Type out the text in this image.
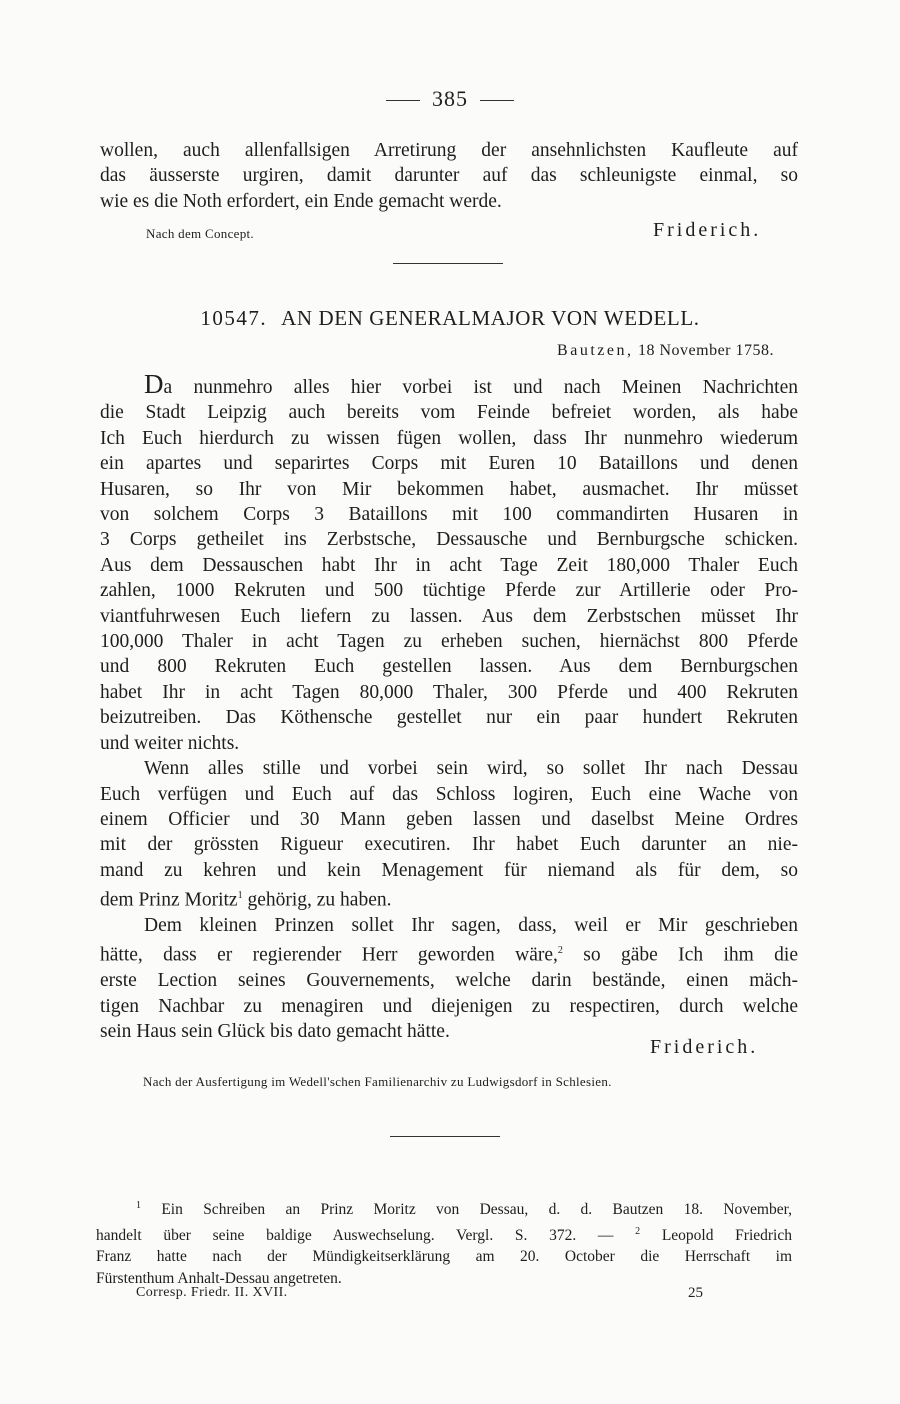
385
wollen, auch allenfallsigen Arretirung der ansehnlichsten Kaufleute auf
das äusserste urgiren, damit darunter auf das schleunigste einmal, so
wie es die Noth erfordert, ein Ende gemacht werde.
Nach dem Concept.	Friderich.
10547. AN DEN GENERALMAJOR VON WEDELL.
Bautzen, 18 November 1758.
Da nunmehro alles hier vorbei ist und nach Meinen Nachrichten
die Stadt Leipzig auch bereits vom Feinde befreiet worden, als habe
Ich Euch hierdurch zu wissen fügen wollen, dass Ihr nunmehro wiederum
ein apartes und separirtes Corps mit Euren 10 Bataillons und denen
Husaren, so Ihr von Mir bekommen habet, ausmachet. Ihr müsset
von solchem Corps 3 Bataillons mit 100 commandirten Husaren in
3 Corps getheilet ins Zerbstsche, Dessausche und Bernburgsche schicken.
Aus dem Dessauschen habt Ihr in acht Tage Zeit 180,000 Thaler Euch
zahlen, 1000 Rekruten und 500 tüchtige Pferde zur Artillerie oder Pro-
viantfuhrwesen Euch liefern zu lassen. Aus dem Zerbstschen müsset Ihr
100,000 Thaler in acht Tagen zu erheben suchen, hiernächst 800 Pferde
und 800 Rekruten Euch gestellen lassen. Aus dem Bernburgschen
habet Ihr in acht Tagen 80,000 Thaler, 300 Pferde und 400 Rekruten
beizutreiben. Das Köthensche gestellet nur ein paar hundert Rekruten
und weiter nichts.
Wenn alles stille und vorbei sein wird, so sollet Ihr nach Dessau
Euch verfügen und Euch auf das Schloss logiren, Euch eine Wache von
einem Officier und 30 Mann geben lassen und daselbst Meine Ordres
mit der grössten Rigueur executiren. Ihr habet Euch darunter an nie-
mand zu kehren und kein Menagement für niemand als für dem, so
dem Prinz Moritz$^1$ gehörig, zu haben.
Dem kleinen Prinzen sollet Ihr sagen, dass, weil er Mir geschrieben
hätte, dass er regierender Herr geworden wäre,$^2$ so gäbe Ich ihm die
erste Lection seines Gouvernements, welche darin bestände, einen mäch-
tigen Nachbar zu menagiren und diejenigen zu respectiren, durch welche
sein Haus sein Glück bis dato gemacht hätte.
Friderich.
Nach der Ausfertigung im Wedell'schen Familienarchiv zu Ludwigsdorf in Schlesien.
$^1$ Ein Schreiben an Prinz Moritz von Dessau, d. d. Bautzen 18. November,
handelt über seine baldige Auswechselung. Vergl. S. 372. — $^2$ Leopold Friedrich
Franz hatte nach der Mündigkeitserklärung am 20. October die Herrschaft im
Fürstenthum Anhalt-Dessau angetreten.
Corresp. Friedr. II. XVII.	25
